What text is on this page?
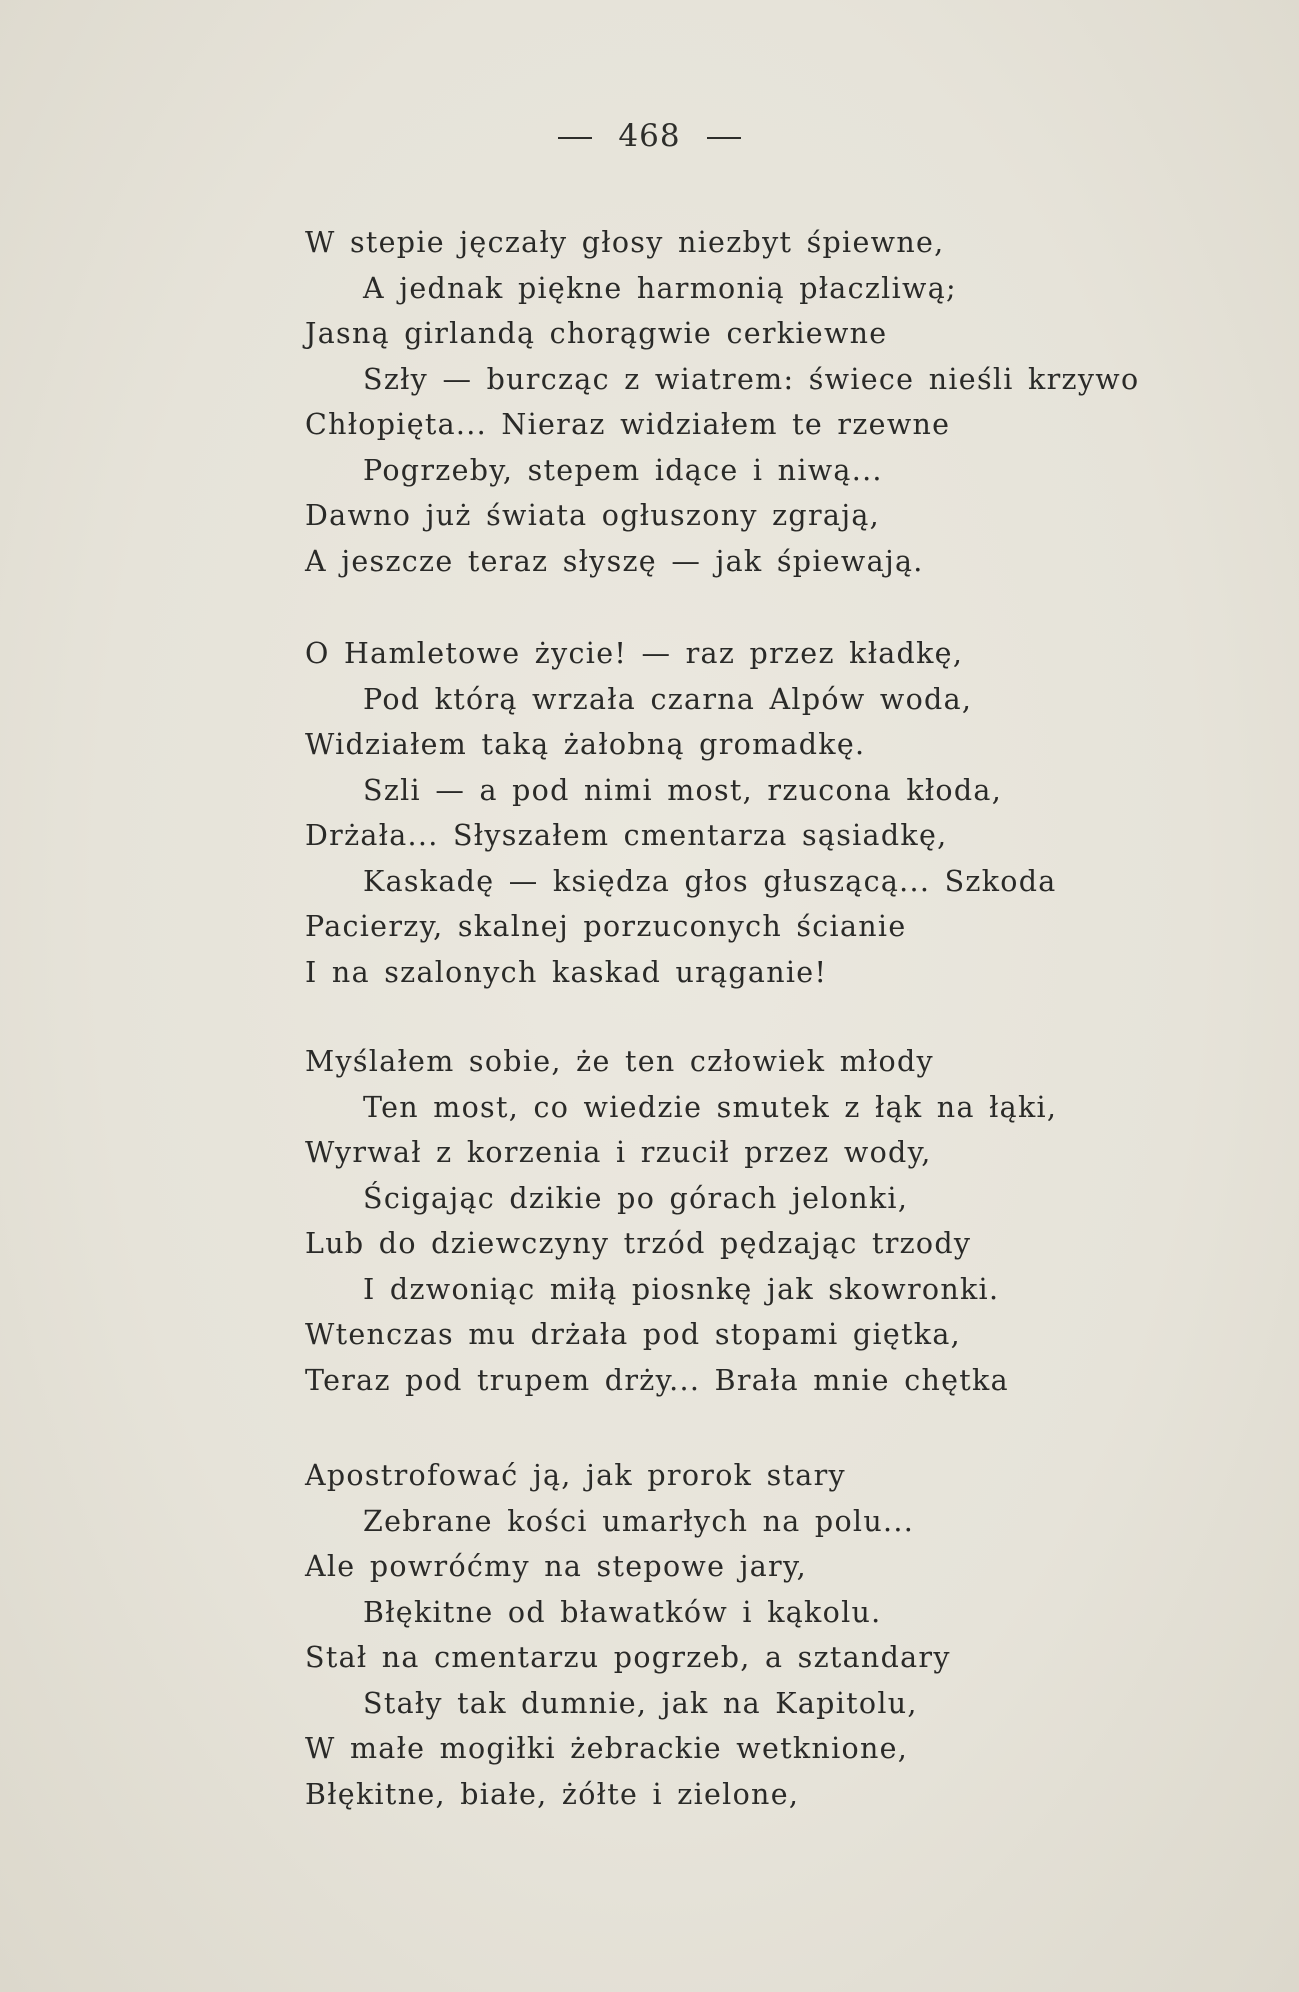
468
W stepie jęczały głosy niezbyt śpiewne,
A jednak piękne harmonią płaczliwą;
Jasną girlandą chorągwie cerkiewne
Szły — burcząc z wiatrem: świece nieśli krzywo
Chłopięta... Nieraz widziałem te rzewne
Pogrzeby, stepem idące i niwą...
Dawno już świata ogłuszony zgrają,
A jeszcze teraz słyszę — jak śpiewają.
O Hamletowe życie! — raz przez kładkę,
Pod którą wrzała czarna Alpów woda,
Widziałem taką żałobną gromadkę.
Szli — a pod nimi most, rzucona kłoda,
Drżała... Słyszałem cmentarza sąsiadkę,
Kaskadę — księdza głos głuszącą... Szkoda
Pacierzy, skalnej porzuconych ścianie
I na szalonych kaskad urąganie!
Myślałem sobie, że ten człowiek młody
Ten most, co wiedzie smutek z łąk na łąki,
Wyrwał z korzenia i rzucił przez wody,
Ścigając dzikie po górach jelonki,
Lub do dziewczyny trzód pędzając trzody
I dzwoniąc miłą piosnkę jak skowronki.
Wtenczas mu drżała pod stopami giętka,
Teraz pod trupem drży... Brała mnie chętka
Apostrofować ją, jak prorok stary
Zebrane kości umarłych na polu...
Ale powróćmy na stepowe jary,
Błękitne od bławatków i kąkolu.
Stał na cmentarzu pogrzeb, a sztandary
Stały tak dumnie, jak na Kapitolu,
W małe mogiłki żebrackie wetknione,
Błękitne, białe, żółte i zielone,
